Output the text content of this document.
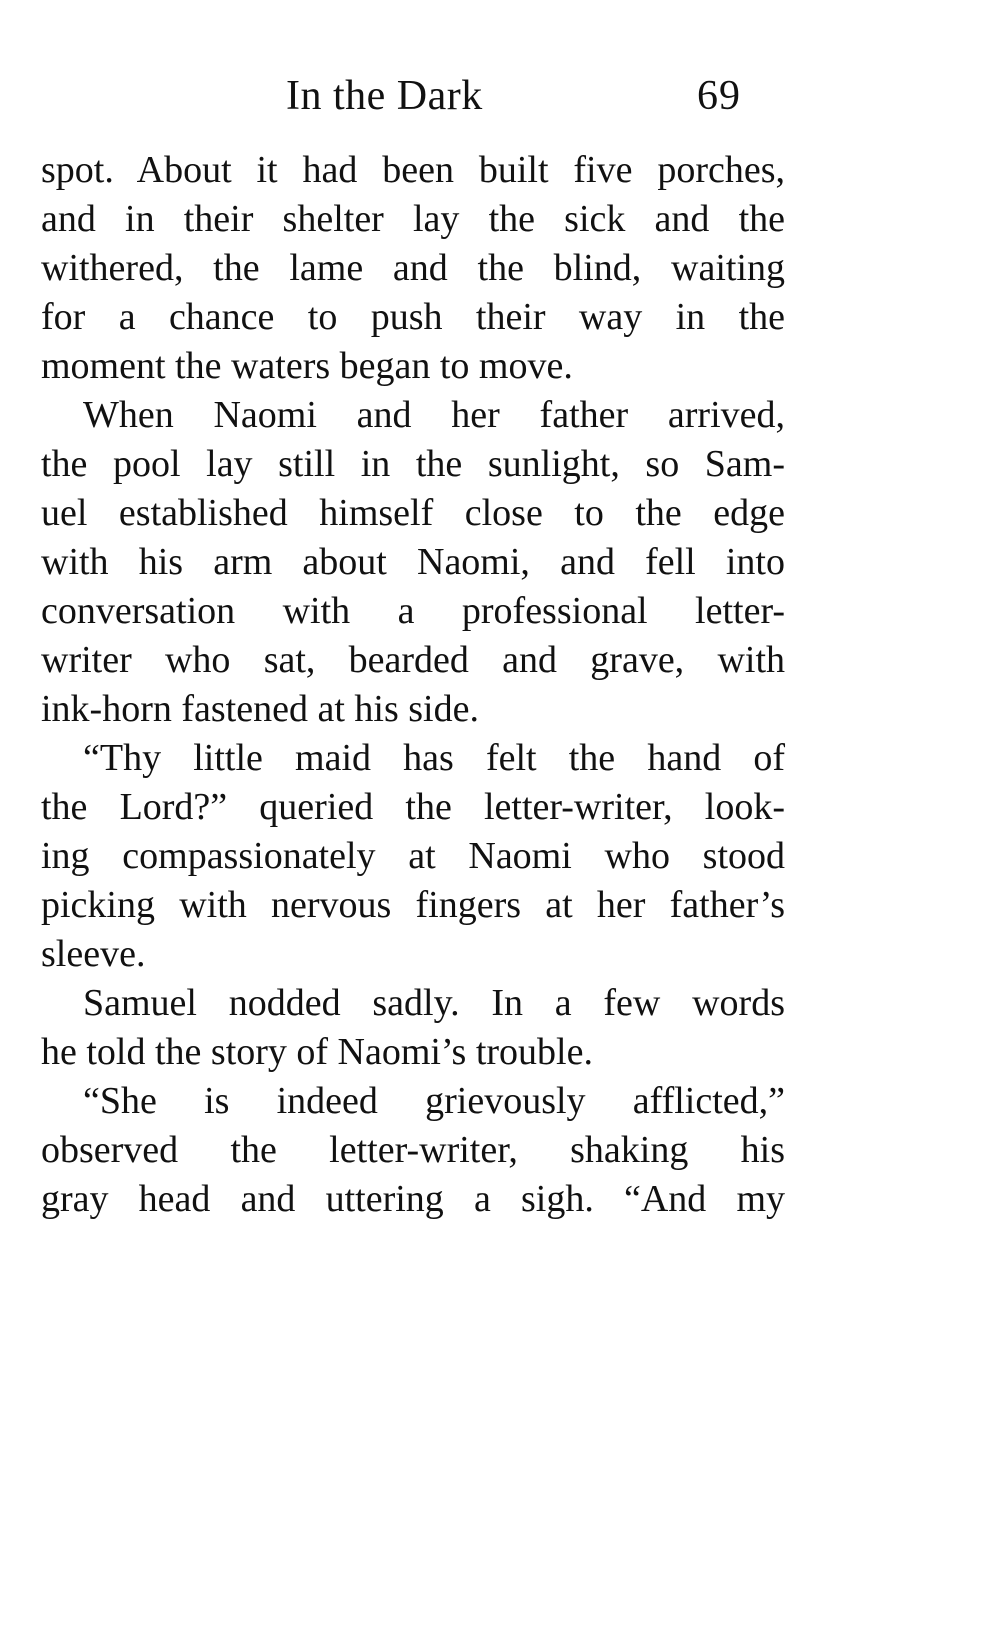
In the Dark	69
spot. About it had been built five porches,
and in their shelter lay the sick and the
withered, the lame and the blind, waiting
for a chance to push their way in the
moment the waters began to move.
When Naomi and her father arrived,
the pool lay still in the sunlight, so Sam-
uel established himself close to the edge
with his arm about Naomi, and fell into
conversation with a professional letter-
writer who sat, bearded and grave, with
ink-horn fastened at his side.
“Thy little maid has felt the hand of
the Lord?” queried the letter-writer, look-
ing compassionately at Naomi who stood
picking with nervous fingers at her father’s
sleeve.
Samuel nodded sadly. In a few words
he told the story of Naomi’s trouble.
“She is indeed grievously afflicted,”
observed the letter-writer, shaking his
gray head and uttering a sigh. “And my
